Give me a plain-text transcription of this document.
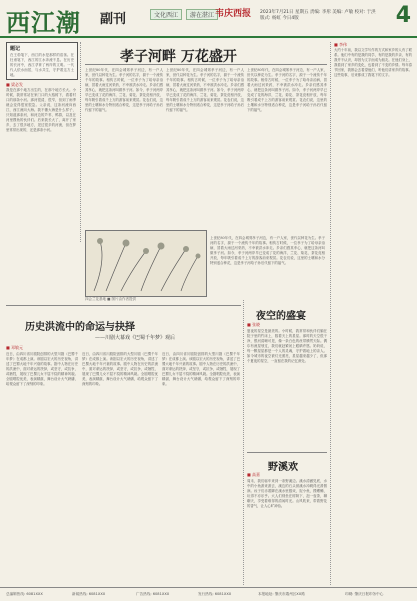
西江潮 副刊	文化西江 游在湛江 韦庆西报 2023年7月21日 星期五 责编: 李彤 美编: 卢敏 校对: 于洪 版式: 杨虹 今日4版	4
题记
在王勃笔下，西江的水是那样的浩荡。在杜甫笔下，西江的江水奔流不息。在历史的长河中，西江孕育了两岸的文明。一代代人依水而居，与水共生，守护着这方土地。
■ 梁必发
我是在那个地方出生的，在那个地方长大。小时候，我常常站在家门口的大榕树下，看着村口的那条小河。那河很清，很窄，但到了雨季就会变得很宽很急。父亲说，这条河流向西江，西江流向大海。我不懂大海是什么样子，只知道那条河，和河边的芦苇、鸭群，以及在河里摸鱼的伙伴们。后来我长大了，离开了家乡，去了很多地方，见过很多的河流，但在梦里常常出现的，还是那条小河。
孝子河畔 万花盛开
上世纪80年代，在四会城郊孝子河边，有一户人家，世代以种花为生。孝子河的名字，源于一个流传千年的故事。相传古时候，一位孝子为了给母亲治病，冒着大雨过河采药，不幸被洪水冲走。乡亲们感其孝心，就把这条河叫做孝子河。如今，孝子河两岸早已变成了花的海洋，兰花、菊花、茶花竞相开放，每年吸引着成千上万的游客前来观赏。花农们说，这里的土壤和水分特别适合种花，这是孝子河给子孙后代留下的福气。
上世纪80年代，在四会城郊孝子河边，有一户人家，世代以种花为生。孝子河的名字，源于一个流传千年的故事。相传古时候，一位孝子为了给母亲治病，冒着大雨过河采药，不幸被洪水冲走。乡亲们感其孝心，就把这条河叫做孝子河。如今，孝子河两岸早已变成了花的海洋，兰花、菊花、茶花竞相开放，每年吸引着成千上万的游客前来观赏。花农们说，这里的土壤和水分特别适合种花，这是孝子河给子孙后代留下的福气。
上世纪80年代，在四会城郊孝子河边，有一户人家，世代以种花为生。孝子河的名字，源于一个流传千年的故事。相传古时候，一位孝子为了给母亲治病，冒着大雨过河采药，不幸被洪水冲走。乡亲们感其孝心，就把这条河叫做孝子河。如今，孝子河两岸早已变成了花的海洋，兰花、菊花、茶花竞相开放，每年吸引着成千上万的游客前来观赏。花农们说，这里的土壤和水分特别适合种花，这是孝子河给子孙后代留下的福气。
■ 李伟
大约十年前，我以文学写作的方式和家乡的人有了联系。他们中有的是我的同学，有的是我的乡亲，有的我并不认识，却因为文字而成为朋友。在他们身上，我看到了家乡的变化，也看到了不变的乡情。每年春节回家，我都会去看望他们，听他们讲家乡的故事。这些故事，后来都成了我笔下的文字。
上世纪80年代，在四会城郊孝子河边，有一户人家，世代以种花为生。孝子河的名字，源于一个流传千年的故事。相传古时候，一位孝子为了给母亲治病，冒着大雨过河采药，不幸被洪水冲走。乡亲们感其孝心，就把这条河叫做孝子河。如今，孝子河两岸早已变成了花的海洋，兰花、菊花、茶花竞相开放，每年吸引着成千上万的游客前来观赏。花农们说，这里的土壤和水分特别适合种花，这是孝子河给子孙后代留下的福气。
四会兰花基地 ■ 图片由作者提供
历史洪流中的命运与抉择
——川剧大幕戏《巴蜀千年梦》观后
■ 邓敏元
近日，由四川省川剧院创排的大型川剧《巴蜀千年梦》在成都上演。该剧以宏大的历史视角，讲述了巴蜀大地千年兴衰的故事。剧中人物在历史的洪流中，面对命运的抉择，或坚守，或抗争，或牺牲，展现了巴蜀儿女不屈不挠的精神风貌。全剧唱腔优美，表演精湛，舞台设计大气磅礴，给观众留下了深刻的印象。
近日，由四川省川剧院创排的大型川剧《巴蜀千年梦》在成都上演。该剧以宏大的历史视角，讲述了巴蜀大地千年兴衰的故事。剧中人物在历史的洪流中，面对命运的抉择，或坚守，或抗争，或牺牲，展现了巴蜀儿女不屈不挠的精神风貌。全剧唱腔优美，表演精湛，舞台设计大气磅礴，给观众留下了深刻的印象。
近日，由四川省川剧院创排的大型川剧《巴蜀千年梦》在成都上演。该剧以宏大的历史视角，讲述了巴蜀大地千年兴衰的故事。剧中人物在历史的洪流中，面对命运的抉择，或坚守，或抗争，或牺牲，展现了巴蜀儿女不屈不挠的精神风貌。全剧唱腔优美，表演精湛，舞台设计大气磅礴，给观众留下了深刻的印象。
夜空的盛宴
■ 张晓
夏夜的星空是最美的。小时候，我常常和伙伴们躺在院子里的竹床上，数着天上的星星。那时的天空很干净，银河清晰可见，像一条白色的丝带横贯天际。偶尔有流星划过，我们就赶紧闭上眼睛许愿。奶奶说，每一颗星星都是一个人的灵魂，守护着地上的亲人。如今城市的夜空被灯光照亮，星星越来越少了，但那个夏夜的星空，一直留在我的记忆深处。
野溪欢
■ 高嘉
周末，我们驱车来到一条野溪边。溪水清澈见底，水中的小鱼游来游去，溪边的石头被溪水冲刷得光滑圆润。孩子们赤着脚在溪水里嬉戏，捉小鱼，摸螺蛳，玩得不亦乐乎。大人们则坐在树荫下，泡一壶茶，聊聊天，享受着难得的清闲时光。山风吹来，带着野花的香气，让人心旷神怡。
总编辑热线: 6081XXX	新闻热线: 6081XXX	广告热线: 6081XXX	发行热线: 6081XXX	本报地址: 肇庆市端州区XX路	印刷: 肇庆日报印务中心
